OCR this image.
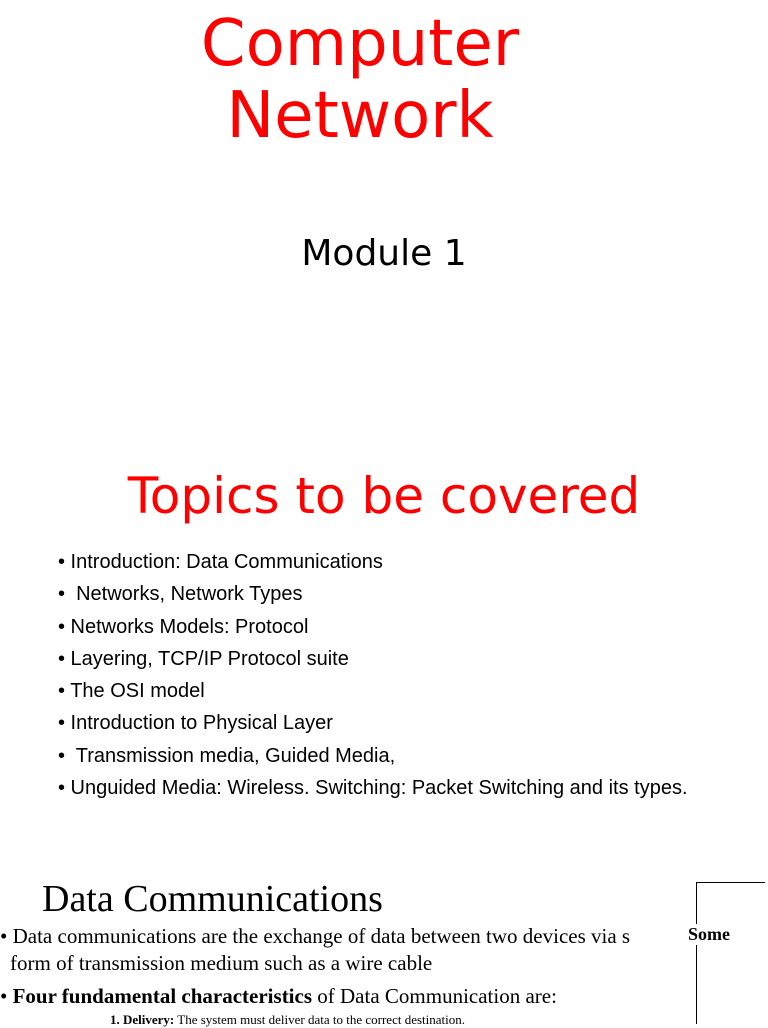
Computer
Network
Module 1
Topics to be covered
• Introduction: Data Communications
•  Networks, Network Types
• Networks Models: Protocol
• Layering, TCP/IP Protocol suite
• The OSI model
• Introduction to Physical Layer
•  Transmission media, Guided Media,
• Unguided Media: Wireless. Switching: Packet Switching and its types.
Data Communications
• Data communications are the exchange of data between two devices via s
form of transmission medium such as a wire cable
• Four fundamental characteristics of Data Communication are:
1. Delivery: The system must deliver data to the correct destination.
Some
